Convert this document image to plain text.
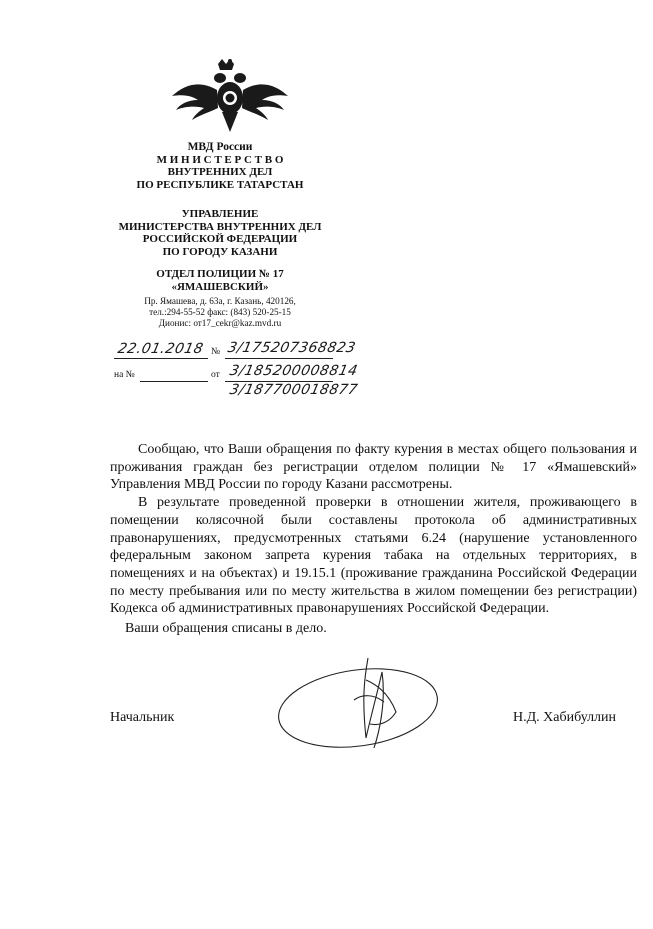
МВД России
М И Н И С Т Е Р С Т В О
ВНУТРЕННИХ ДЕЛ
ПО РЕСПУБЛИКЕ ТАТАРСТАН
УПРАВЛЕНИЕ
МИНИСТЕРСТВА ВНУТРЕННИХ ДЕЛ
РОССИЙСКОЙ ФЕДЕРАЦИИ
ПО ГОРОДУ КАЗАНИ
ОТДЕЛ ПОЛИЦИИ № 17
«ЯМАШЕВСКИЙ»
Пр. Ямашева, д. 63а, г. Казань, 420126,
тел.:294-55-52 факс: (843) 520-25-15
Дионис: от17_cekr@kaz.mvd.ru
22.01.2018 № 3/175207368823
на №	от 3/185200008814
3/187700018877

Сообщаю, что Ваши обращения по факту курения в местах общего пользования и проживания граждан без регистрации отделом полиции № 17 «Ямашевский» Управления МВД России по городу Казани рассмотрены.

В результате проведенной проверки в отношении жителя, проживающего в помещении колясочной были составлены протокола об административных правонарушениях, предусмотренных статьями 6.24 (нарушение установленного федеральным законом запрета курения табака на отдельных территориях, в помещениях и на объектах) и 19.15.1 (проживание гражданина Российской Федерации по месту пребывания или по месту жительства в жилом помещении без регистрации) Кодекса об административных правонарушениях Российской Федерации.

Ваши обращения списаны в дело.

Начальник	Н.Д. Хабибуллин
